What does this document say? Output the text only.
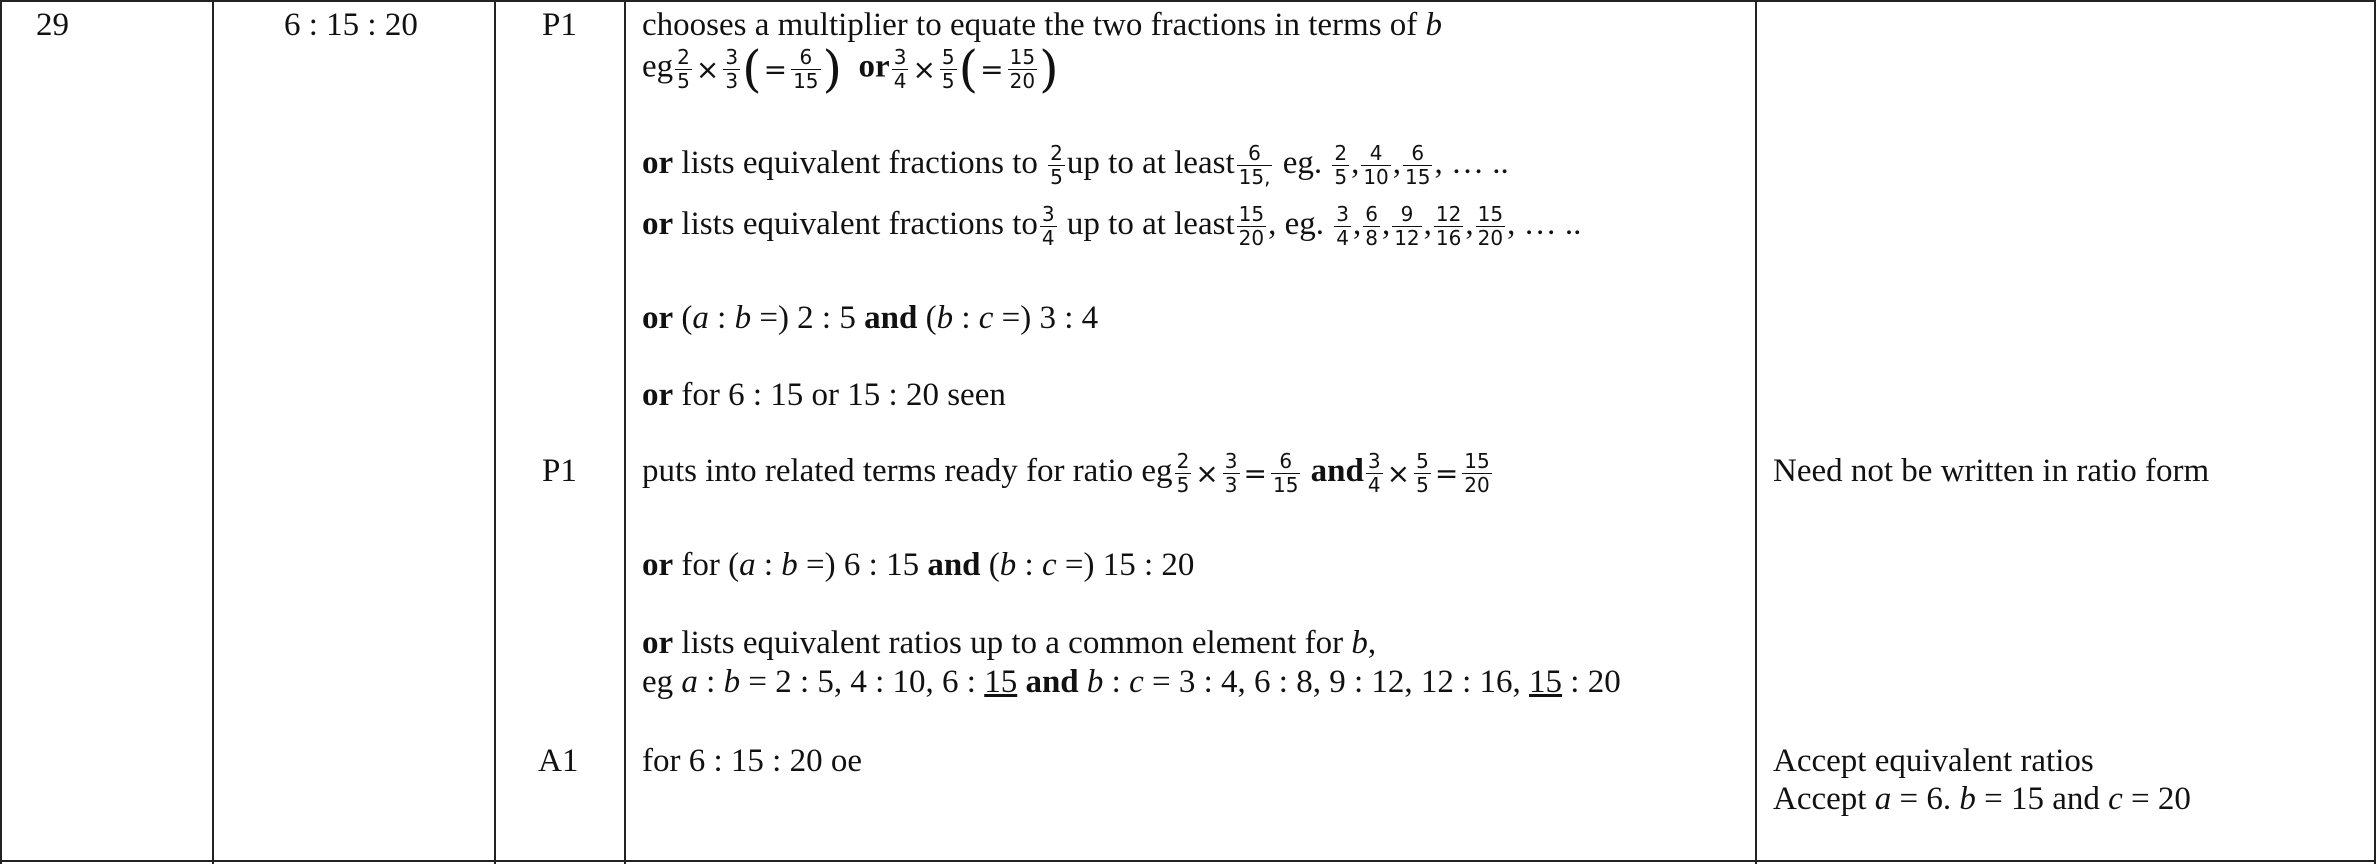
29	6 : 15 : 20	P1
P1
A1
chooses a multiplier to equate the two fractions in terms of b
eg $\frac{2}{5} \times \frac{3}{3}$ (= $\frac{6}{15}$ ) or $\frac{3}{4} \times \frac{5}{5}$ (= $\frac{15}{20}$ )
or lists equivalent fractions to $\frac{2}{5}$ up to at least $\frac{6}{15,}$ eg. $\frac{2}{5}$ , $\frac{4}{10}$ , $\frac{6}{15}$ , … ..
or lists equivalent fractions to $\frac{3}{4}$ up to at least $\frac{15}{20}$ , eg. $\frac{3}{4}$ , $\frac{6}{8}$ , $\frac{9}{12}$ , $\frac{12}{16}$ , $\frac{15}{20}$ , … ..
or (a : b =) 2 : 5 and (b : c =) 3 : 4
or for 6 : 15 or 15 : 20 seen
puts into related terms ready for ratio eg $\frac{2}{5} \times \frac{3}{3} = \frac{6}{15}$ and $\frac{3}{4} \times \frac{5}{5} = \frac{15}{20}$
or for (a : b =) 6 : 15 and (b : c =) 15 : 20
or lists equivalent ratios up to a common element for b,
eg a : b = 2 : 5, 4 : 10, 6 : 15 and b : c = 3 : 4, 6 : 8, 9 : 12, 12 : 16, 15 : 20
for 6 : 15 : 20 oe
Need not be written in ratio form
Accept equivalent ratios
Accept a = 6. b = 15 and c = 20
